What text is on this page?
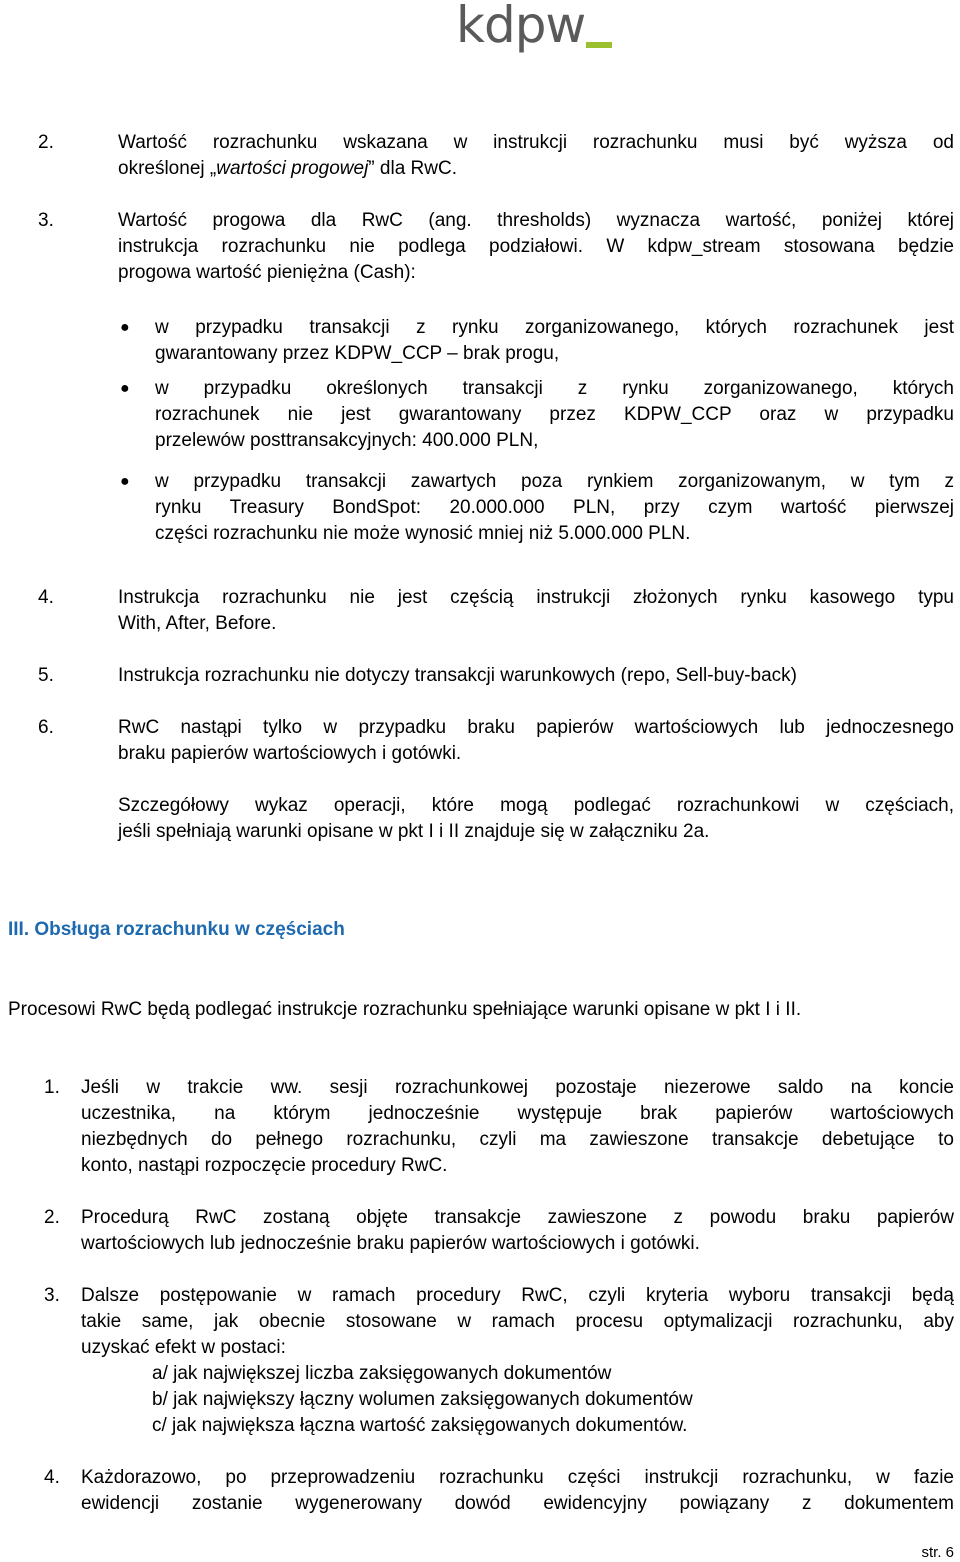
kdpw
2.	Wartość rozrachunku wskazana w instrukcji rozrachunku musi być wyższa od
określonej „wartości progowej” dla RwC.
3.	Wartość progowa dla RwC (ang. thresholds) wyznacza wartość, poniżej której
instrukcja rozrachunku nie podlega podziałowi. W kdpw_stream stosowana będzie
progowa wartość pieniężna (Cash):
● w przypadku transakcji z rynku zorganizowanego, których rozrachunek jest
gwarantowany przez KDPW_CCP – brak progu,
● w przypadku określonych transakcji z rynku zorganizowanego, których
rozrachunek nie jest gwarantowany przez KDPW_CCP oraz w przypadku
przelewów posttransakcyjnych: 400.000 PLN,
● w przypadku transakcji zawartych poza rynkiem zorganizowanym, w tym z
rynku Treasury BondSpot: 20.000.000 PLN, przy czym wartość pierwszej
części rozrachunku nie może wynosić mniej niż 5.000.000 PLN.
4.	Instrukcja rozrachunku nie jest częścią instrukcji złożonych rynku kasowego typu
With, After, Before.
5.	Instrukcja rozrachunku nie dotyczy transakcji warunkowych (repo, Sell-buy-back)
6.	RwC nastąpi tylko w przypadku braku papierów wartościowych lub jednoczesnego
braku papierów wartościowych i gotówki.
Szczegółowy wykaz operacji, które mogą podlegać rozrachunkowi w częściach,
jeśli spełniają warunki opisane w pkt I i II znajduje się w załączniku 2a.
III. Obsługa rozrachunku w częściach
Procesowi RwC będą podlegać instrukcje rozrachunku spełniające warunki opisane w pkt I i II.
1. Jeśli w trakcie ww. sesji rozrachunkowej pozostaje niezerowe saldo na koncie
uczestnika, na którym jednocześnie występuje brak papierów wartościowych
niezbędnych do pełnego rozrachunku, czyli ma zawieszone transakcje debetujące to
konto, nastąpi rozpoczęcie procedury RwC.
2. Procedurą RwC zostaną objęte transakcje zawieszone z powodu braku papierów
wartościowych lub jednocześnie braku papierów wartościowych i gotówki.
3. Dalsze postępowanie w ramach procedury RwC, czyli kryteria wyboru transakcji będą
takie same, jak obecnie stosowane w ramach procesu optymalizacji rozrachunku, aby
uzyskać efekt w postaci:
a/ jak największej liczba zaksięgowanych dokumentów
b/ jak największy łączny wolumen zaksięgowanych dokumentów
c/ jak największa łączna wartość zaksięgowanych dokumentów.
4. Każdorazowo, po przeprowadzeniu rozrachunku części instrukcji rozrachunku, w fazie
ewidencji zostanie wygenerowany dowód ewidencyjny powiązany z dokumentem
str. 6
